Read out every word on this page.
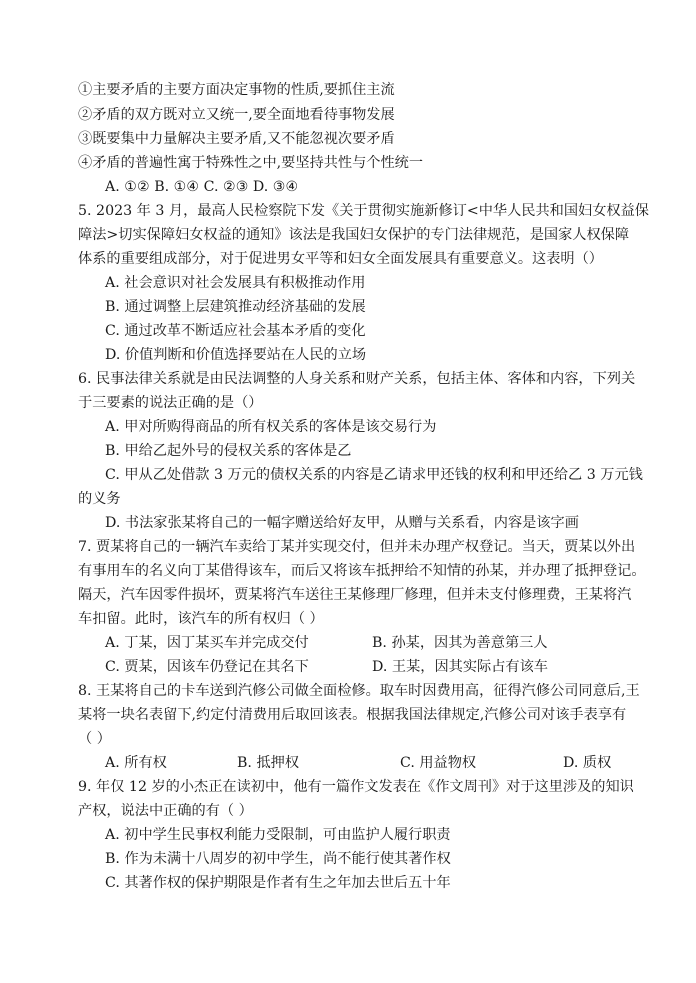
①主要矛盾的主要方面决定事物的性质,要抓住主流
②矛盾的双方既对立又统一,要全面地看待事物发展
③既要集中力量解决主要矛盾,又不能忽视次要矛盾
④矛盾的普遍性寓于特殊性之中,要坚持共性与个性统一
A. ①② B. ①④ C. ②③ D. ③④
5. 2023 年 3 月，最高人民检察院下发《关于贯彻实施新修订<中华人民共和国妇女权益保
障法>切实保障妇女权益的通知》该法是我国妇女保护的专门法律规范，是国家人权保障
体系的重要组成部分，对于促进男女平等和妇女全面发展具有重要意义。这表明（）
A. 社会意识对社会发展具有积极推动作用
B. 通过调整上层建筑推动经济基础的发展
C. 通过改革不断适应社会基本矛盾的变化
D. 价值判断和价值选择要站在人民的立场
6. 民事法律关系就是由民法调整的人身关系和财产关系，包括主体、客体和内容，下列关
于三要素的说法正确的是（）
A. 甲对所购得商品的所有权关系的客体是该交易行为
B. 甲给乙起外号的侵权关系的客体是乙
C. 甲从乙处借款 3 万元的债权关系的内容是乙请求甲还钱的权利和甲还给乙 3 万元钱
的义务
D. 书法家张某将自己的一幅字赠送给好友甲，从赠与关系看，内容是该字画
7. 贾某将自己的一辆汽车卖给丁某并实现交付，但并未办理产权登记。当天，贾某以外出
有事用车的名义向丁某借得该车，而后又将该车抵押给不知情的孙某，并办理了抵押登记。
隔天，汽车因零件损坏，贾某将汽车送往王某修理厂修理，但并未支付修理费，王某将汽
车扣留。此时，该汽车的所有权归（ ）
A. 丁某，因丁某买车并完成交付	B. 孙某，因其为善意第三人
C. 贾某，因该车仍登记在其名下	D. 王某，因其实际占有该车
8. 王某将自己的卡车送到汽修公司做全面检修。取车时因费用高，征得汽修公司同意后,王
某将一块名表留下,约定付清费用后取回该表。根据我国法律规定,汽修公司对该手表享有
（ ）
A. 所有权	B. 抵押权	C. 用益物权	D. 质权
9. 年仅 12 岁的小杰正在读初中，他有一篇作文发表在《作文周刊》对于这里涉及的知识
产权，说法中正确的有（ ）
A. 初中学生民事权利能力受限制，可由监护人履行职责
B. 作为未满十八周岁的初中学生，尚不能行使其著作权
C. 其著作权的保护期限是作者有生之年加去世后五十年
